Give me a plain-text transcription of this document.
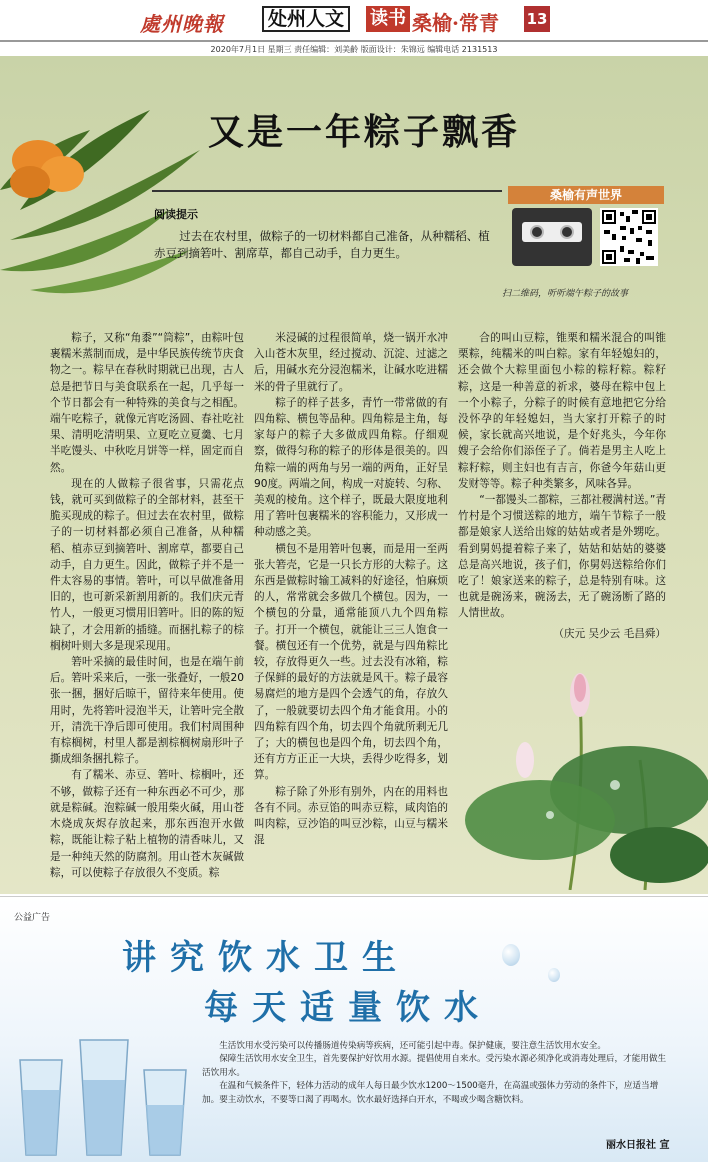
處州晚報	处州人文	读书 桑榆·常青 13
2020年7月1日 星期三 责任编辑：刘美齡 版面设计：朱锦远 编辑电话 2131513
又是一年粽子飘香
阅读提示
过去在农村里，做粽子的一切材料都自己准备，从种糯稻、植赤豆到摘箬叶、割席草，都自己动手，自力更生。
桑榆有声世界
扫二维码，听听端午粽子的故事

粽子，又称“角黍”“筒粽”，由粽叶包裹糯米蒸制而成，是中华民族传统节庆食物之一。粽早在春秋时期就已出现，古人总是把节日与美食联系在一起，几乎每一个节日都会有一种特殊的美食与之相配。端午吃粽子，就像元宵吃汤圆、春社吃社果、清明吃清明果、立夏吃立夏羹、七月半吃馒头、中秋吃月饼等一样，固定而自然。

现在的人做粽子很省事，只需花点钱，就可买到做粽子的全部材料，甚至干脆买现成的粽子。但过去在农村里，做粽子的一切材料都必须自己准备，从种糯稻、植赤豆到摘箬叶、割席草，都要自己动手，自力更生。因此，做粽子并不是一件太容易的事情。箬叶，可以早做准备用旧的，也可新采新割用新的。我们庆元青竹人，一般更习惯用旧箬叶。旧的陈的短缺了，才会用新的插缝。而捆扎粽子的棕榈树叶则大多是现采现用。

箬叶采摘的最佳时间，也是在端午前后。箬叶采来后，一张一张叠好，一般20张一捆，捆好后晾干，留待来年使用。使用时，先将箬叶浸泡半天，让箬叶完全散开，清洗干净后即可使用。我们村周围种有棕榈树，村里人都是割棕榈树扇形叶子撕成细条捆扎粽子。

有了糯米、赤豆、箬叶、棕榈叶，还不够，做粽子还有一种东西必不可少，那就是粽碱。泡粽碱一般用柴火碱，用山苍木烧成灰烬存放起来，那东西泡开水做粽，既能让粽子粘上植物的清香味儿，又是一种纯天然的防腐剂。用山苍木灰碱做粽，可以使粽子存放很久不变质。粽

米浸碱的过程很简单，烧一锅开水冲入山苍木灰里，经过搅动、沉淀、过滤之后，用碱水充分浸泡糯米，让碱水吃进糯米的骨子里就行了。

粽子的样子甚多，青竹一带常做的有四角粽、横包等品种。四角粽是主角，每家每户的粽子大多做成四角粽。仔细观察，做得匀称的粽子的形体是很美的。四角粽一端的两角与另一端的两角，正好呈90度。两端之间，构成一对旋转、匀称、美观的棱角。这个样子，既最大限度地利用了箬叶包裹糯米的容积能力，又形成一种动感之美。

横包不是用箬叶包裹，而是用一至两张大箬壳，它是一只长方形的大粽子。这东西是做粽时输工减料的好途径，怕麻烦的人，常常就会多做几个横包。因为，一个横包的分量，通常能顶八九个四角粽子。打开一个横包，就能让三三人饱食一餐。横包还有一个优势，就是与四角粽比较，存放得更久一些。过去没有冰箱，粽子保鲜的最好的方法就是风干。粽子最容易腐烂的地方是四个会透气的角，存放久了，一般就要切去四个角才能食用。小的四角粽有四个角，切去四个角就所剩无几了；大的横包也是四个角，切去四个角，还有方方正正一大块，丢得少吃得多，划算。

粽子除了外形有别外，内在的用料也各有不同。赤豆馅的叫赤豆粽，咸肉馅的叫肉粽，豆沙馅的叫豆沙粽，山豆与糯米混

合的叫山豆粽，锥栗和糯米混合的叫锥栗粽，纯糯米的叫白粽。家有年轻媳妇的，还会做个大粽里面包小粽的粽籽粽。粽籽粽，这是一种善意的祈求，婆母在粽中包上一个小粽子，分粽子的时候有意地把它分给没怀孕的年轻媳妇，当大家打开粽子的时候，家长就高兴地说，是个好兆头，今年你嫂子会给你们添侄子了。倘若是男主人吃上粽籽粽，则主妇也有吉言，你爸今年菇山更发财等等。粽子种类繁多，风味各异。

“一都馒头二都粽，三都社稷满村送。”青竹村是个习惯送粽的地方，端午节粽子一般都是娘家人送给出嫁的姑姑或者是外甥吃。看到舅妈提着粽子来了，姑姑和姑姑的婆婆总是高兴地说，孩子们，你舅妈送粽给你们吃了！娘家送来的粽子，总是特别有味。这也就是碗汤来，碗汤去，无了碗汤断了路的人情世故。

（庆元 吴少云 毛昌舜）
公益广告
讲究饮水卫生
每天适量饮水

生活饮用水受污染可以传播肠道传染病等疾病，还可能引起中毒。保护健康，要注意生活饮用水安全。

保障生活饮用水安全卫生，首先要保护好饮用水源。提倡使用自来水。受污染水源必须净化或消毒处理后，才能用做生活饮用水。

在温和气候条件下，轻体力活动的成年人每日最少饮水1200～1500毫升，在高温或强体力劳动的条件下，应适当增加。要主动饮水，不要等口渴了再喝水。饮水最好选择白开水，不喝或少喝含糖饮料。

丽水日报社 宣
